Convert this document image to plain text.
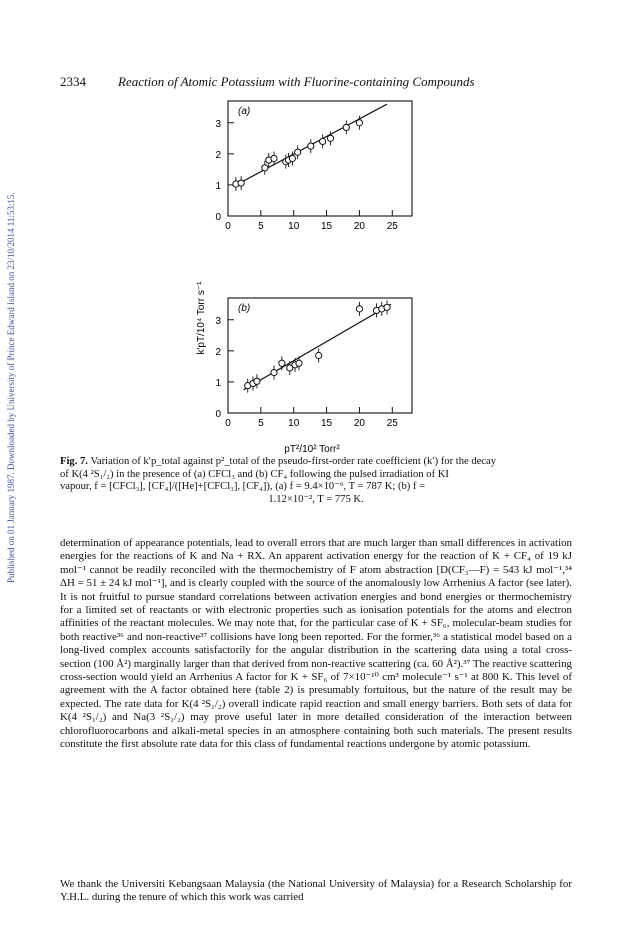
2334 Reaction of Atomic Potassium with Fluorine-containing Compounds
Published on 01 January 1987. Downloaded by University of Prince Edward Island on 23/10/2014 11:53:15.
(a)
0	5 10 15 20 25
0
1
2
3
(b)
0	5 10 15 20 25
0
1
2
3
k′pT/10⁴ Torr s⁻¹
pT²/10² Torr²

Fig. 7. Variation of k′p_total against p²_total of the pseudo-first-order rate coefficient (k′) for the decay

of K(4 ²S₁/₂) in the presence of (a) CFCl₃ and (b) CF₄ following the pulsed irradiation of KI

vapour, f = [CFCl₃], [CF₄]/([He]+[CFCl₃], [CF₄]), (a) f = 9.4×10⁻⁶, T = 787 K; (b) f =

1.12×10⁻², T = 775 K.

determination of appearance potentials, lead to overall errors that are much larger than small differences in activation energies for the reactions of K and Na + RX. An apparent activation energy for the reaction of K + CF₄ of 19 kJ mol⁻¹ cannot be readily reconciled with the thermochemistry of F atom abstraction [D(CF₃—F) = 543 kJ mol⁻¹,³⁴ ΔH = 51 ± 24 kJ mol⁻¹], and is clearly coupled with the source of the anomalously low Arrhenius A factor (see later). It is not fruitful to pursue standard correlations between activation energies and bond energies or thermochemistry for a limited set of reactants or with electronic properties such as ionisation potentials for the atoms and electron affinities of the reactant molecules. We may note that, for the particular case of K + SF₆, molecular-beam studies for both reactive³⁶ and non-reactive³⁷ collisions have long been reported. For the former,³⁶ a statistical model based on a long-lived complex accounts satisfactorily for the angular distribution in the scattering data using a total cross-section (100 Å²) marginally larger than that derived from non-reactive scattering (ca. 60 Å²).³⁷ The reactive scattering cross-section would yield an Arrhenius A factor for K + SF₆ of 7×10⁻¹⁰ cm³ molecule⁻¹ s⁻¹ at 800 K. This level of agreement with the A factor obtained here (table 2) is presumably fortuitous, but the nature of the result may be expected. The rate data for K(4 ²S₁/₂) overall indicate rapid reaction and small energy barriers. Both sets of data for K(4 ²S₁/₂) and Na(3 ²S₁/₂) may prove useful later in more detailed consideration of the interaction between chlorofluorocarbons and alkali-metal species in an atmosphere containing both such materials. The present results constitute the first absolute rate data for this class of fundamental reactions undergone by atomic potassium.
We thank the Universiti Kebangsaan Malaysia (the National University of Malaysia) for a Research Scholarship for Y.H.L. during the tenure of which this work was carried
